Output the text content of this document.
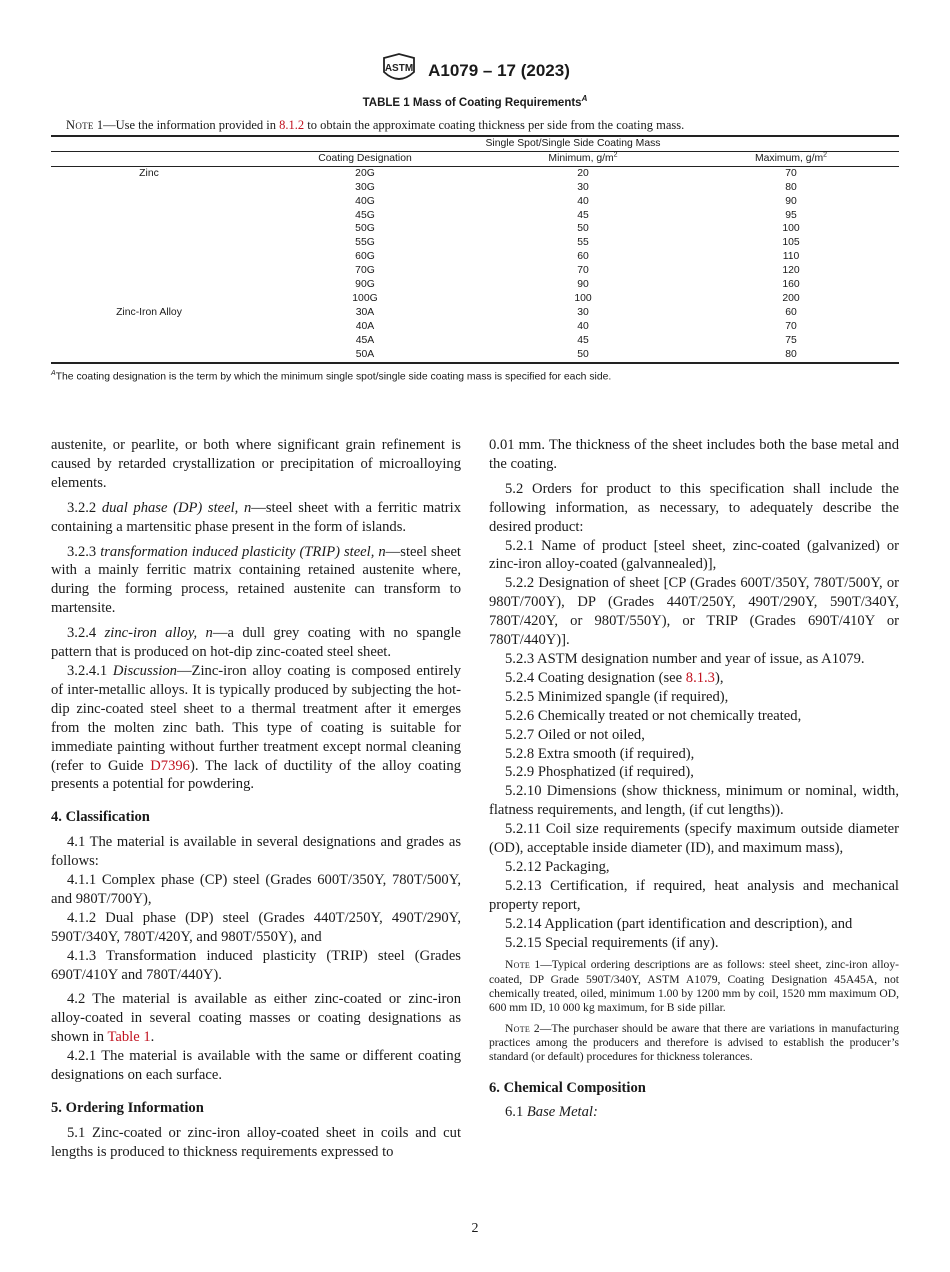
ASTM A1079 – 17 (2023)
TABLE 1 Mass of Coating Requirements$^A$
Note 1—Use the information provided in 8.1.2 to obtain the approximate coating thickness per side from the coating mass.
	Single Spot/Single Side Coating Mass		
	Coating Designation	Minimum, $g/m^2$	Maximum, $g/m^2$
Zinc	20G	20	70
	30G	30	80
	40G	40	90
	45G	45	95
	50G	50	100
	55G	55	105
	60G	60	110
	70G	70	120
	90G	90	160
	100G	100	200
Zinc-Iron Alloy	30A	30	60
	40A	40	70
	45A	45	75
	50A	50	80
$^A$The coating designation is the term by which the minimum single spot/single side coating mass is specified for each side.

austenite, or pearlite, or both where significant grain refinement is caused by retarded crystallization or precipitation of microalloying elements.

3.2.2 dual phase (DP) steel, n—steel sheet with a ferritic matrix containing a martensitic phase present in the form of islands.

3.2.3 transformation induced plasticity (TRIP) steel, n—steel sheet with a mainly ferritic matrix containing retained austenite where, during the forming process, retained austenite can transform to martensite.

3.2.4 zinc-iron alloy, n—a dull grey coating with no spangle pattern that is produced on hot-dip zinc-coated steel sheet.

3.2.4.1 Discussion—Zinc-iron alloy coating is composed entirely of inter-metallic alloys. It is typically produced by subjecting the hot-dip zinc-coated steel sheet to a thermal treatment after it emerges from the molten zinc bath. This type of coating is suitable for immediate painting without further treatment except normal cleaning (refer to Guide D7396). The lack of ductility of the alloy coating presents a potential for powdering.

4. Classification

4.1 The material is available in several designations and grades as follows:

4.1.1 Complex phase (CP) steel (Grades 600T/350Y, 780T/500Y, and 980T/700Y),

4.1.2 Dual phase (DP) steel (Grades 440T/250Y, 490T/290Y, 590T/340Y, 780T/420Y, and 980T/550Y), and

4.1.3 Transformation induced plasticity (TRIP) steel (Grades 690T/410Y and 780T/440Y).

4.2 The material is available as either zinc-coated or zinc-iron alloy-coated in several coating masses or coating designations as shown in Table 1.

4.2.1 The material is available with the same or different coating designations on each surface.

5. Ordering Information

5.1 Zinc-coated or zinc-iron alloy-coated sheet in coils and cut lengths is produced to thickness requirements expressed to

0.01 mm. The thickness of the sheet includes both the base metal and the coating.

5.2 Orders for product to this specification shall include the following information, as necessary, to adequately describe the desired product:

5.2.1 Name of product [steel sheet, zinc-coated (galvanized) or zinc-iron alloy-coated (galvannealed)],

5.2.2 Designation of sheet [CP (Grades 600T/350Y, 780T/500Y, or 980T/700Y), DP (Grades 440T/250Y, 490T/290Y, 590T/340Y, 780T/420Y, or 980T/550Y), or TRIP (Grades 690T/410Y or 780T/440Y)].

5.2.3 ASTM designation number and year of issue, as A1079.

5.2.4 Coating designation (see 8.1.3),

5.2.5 Minimized spangle (if required),

5.2.6 Chemically treated or not chemically treated,

5.2.7 Oiled or not oiled,

5.2.8 Extra smooth (if required),

5.2.9 Phosphatized (if required),

5.2.10 Dimensions (show thickness, minimum or nominal, width, flatness requirements, and length, (if cut lengths)).

5.2.11 Coil size requirements (specify maximum outside diameter (OD), acceptable inside diameter (ID), and maximum mass),

5.2.12 Packaging,

5.2.13 Certification, if required, heat analysis and mechanical property report,

5.2.14 Application (part identification and description), and

5.2.15 Special requirements (if any).

Note 1—Typical ordering descriptions are as follows: steel sheet, zinc-iron alloy-coated, DP Grade 590T/340Y, ASTM A1079, Coating Designation 45A45A, not chemically treated, oiled, minimum 1.00 by 1200 mm by coil, 1520 mm maximum OD, 600 mm ID, 10 000 kg maximum, for B side pillar.

Note 2—The purchaser should be aware that there are variations in manufacturing practices among the producers and therefore is advised to establish the producer’s standard (or default) procedures for thickness tolerances.

6. Chemical Composition

6.1 Base Metal:

2
